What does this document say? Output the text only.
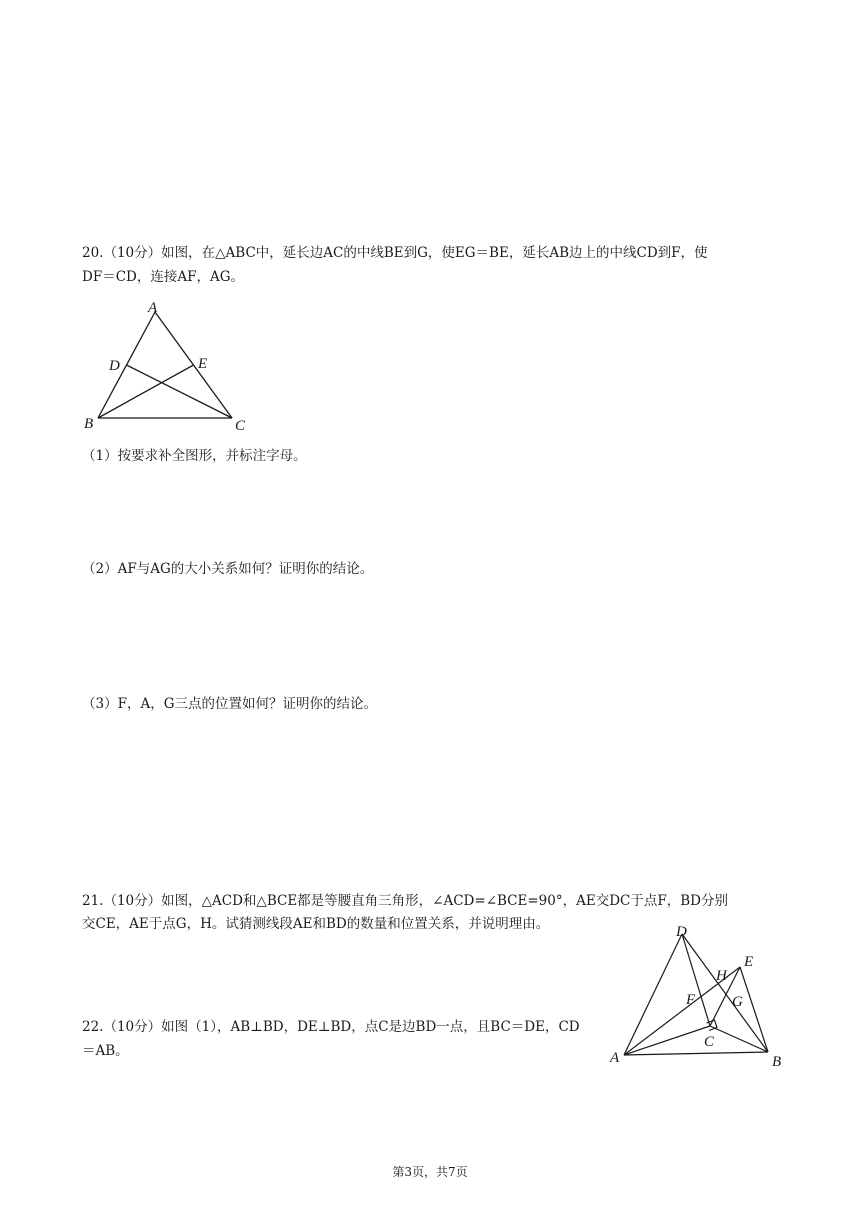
20.（10分）如图，在△ABC中，延长边AC的中线BE到G，使EG＝BE，延长AB边上的中线CD到F，使
DF＝CD，连接AF，AG。
A
D	E
B	C
（1）按要求补全图形，并标注字母。
（2）AF与AG的大小关系如何？证明你的结论。
（3）F，A，G三点的位置如何？证明你的结论。
21.（10分）如图，△ACD和△BCE都是等腰直角三角形，∠ACD=∠BCE=90°，AE交DC于点F，BD分别
交CE，AE于点G，H。试猜测线段AE和BD的数量和位置关系，并说明理由。	D
E
H
F G
C
A	B
22.（10分）如图（1），AB⊥BD，DE⊥BD，点C是边BD一点，且BC＝DE，CD
＝AB。
第3页，共7页
